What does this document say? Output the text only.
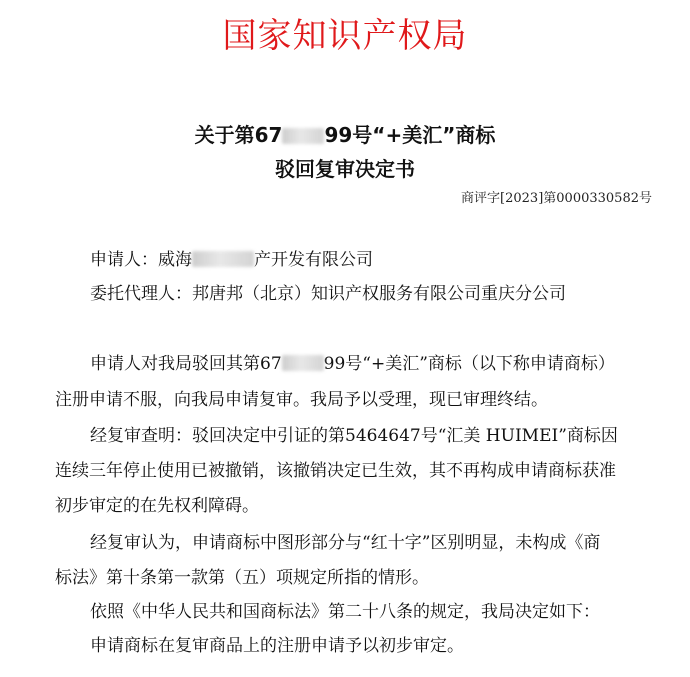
国家知识产权局
关于第67 99号“+美汇”商标
驳回复审决定书
商评字[2023]第0000330582号
申请人：威海	产开发有限公司
委托代理人：邦唐邦（北京）知识产权服务有限公司重庆分公司
申请人对我局驳回其第67 99号“+美汇”商标（以下称申请商标）
注册申请不服，向我局申请复审。我局予以受理，现已审理终结。
经复审查明：驳回决定中引证的第5464647号“汇美 HUIMEI”商标因
连续三年停止使用已被撤销，该撤销决定已生效，其不再构成申请商标获准
初步审定的在先权利障碍。
经复审认为，申请商标中图形部分与“红十字”区别明显，未构成《商
标法》第十条第一款第（五）项规定所指的情形。
依照《中华人民共和国商标法》第二十八条的规定，我局决定如下：
申请商标在复审商品上的注册申请予以初步审定。
